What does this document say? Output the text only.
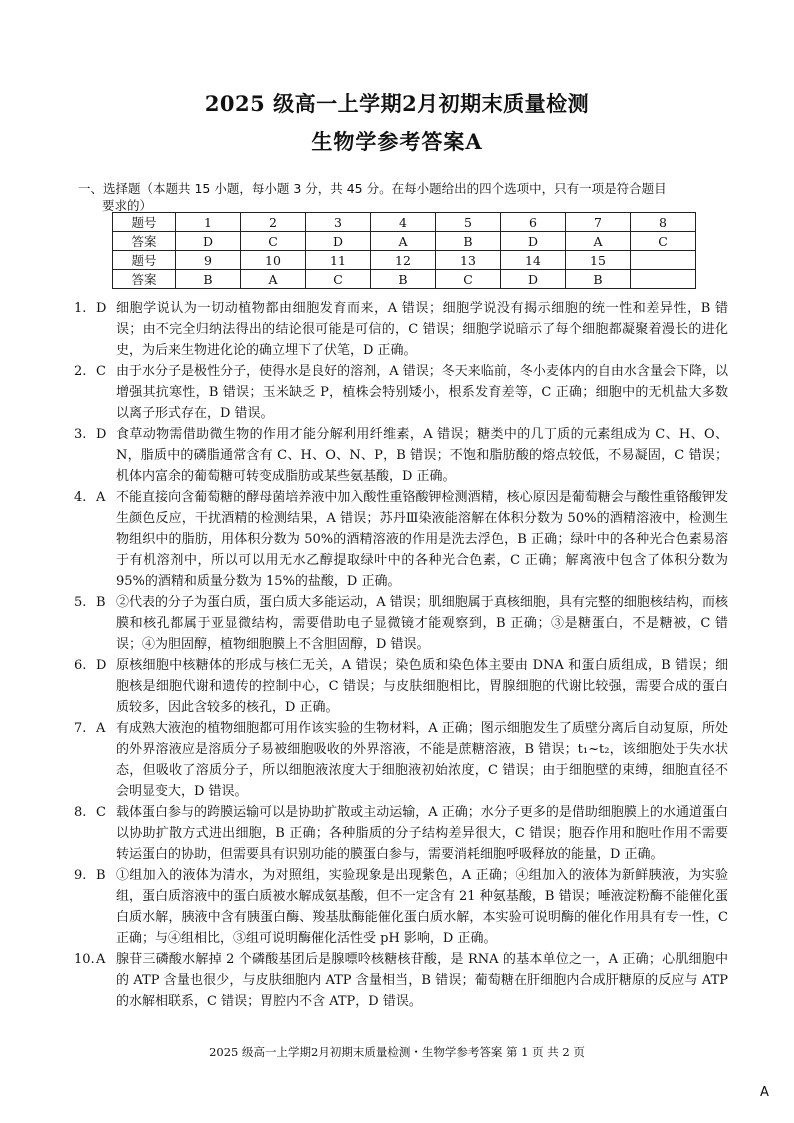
2025 级高一上学期2月初期末质量检测
生物学参考答案A
一、选择题（本题共 15 小题，每小题 3 分，共 45 分。在每小题给出的四个选项中，只有一项是符合题目
要求的）
题号	1	2	3	4	5	6	7	8
答案	D	C	D	A	B	D	A	C
题号	9	10	11	12	13	14	15	
答案	B	A	C	B	C	D	B	
1. D 细胞学说认为一切动植物都由细胞发育而来，A 错误；细胞学说没有揭示细胞的统一性和差异性，B 错误；由不完全归纳法得出的结论很可能是可信的，C 错误；细胞学说暗示了每个细胞都凝聚着漫长的进化史，为后来生物进化论的确立埋下了伏笔，D 正确。
2. C 由于水分子是极性分子，使得水是良好的溶剂，A 错误；冬天来临前，冬小麦体内的自由水含量会下降，以增强其抗寒性，B 错误；玉米缺乏 P，植株会特别矮小，根系发育差等，C 正确；细胞中的无机盐大多数以离子形式存在，D 错误。
3. D 食草动物需借助微生物的作用才能分解利用纤维素，A 错误；糖类中的几丁质的元素组成为 C、H、O、N，脂质中的磷脂通常含有 C、H、O、N、P，B 错误；不饱和脂肪酸的熔点较低，不易凝固，C 错误；机体内富余的葡萄糖可转变成脂肪或某些氨基酸，D 正确。
4. A 不能直接向含葡萄糖的酵母菌培养液中加入酸性重铬酸钾检测酒精，核心原因是葡萄糖会与酸性重铬酸钾发生颜色反应，干扰酒精的检测结果，A 错误；苏丹Ⅲ染液能溶解在体积分数为 50%的酒精溶液中，检测生物组织中的脂肪，用体积分数为 50%的酒精溶液的作用是洗去浮色，B 正确；绿叶中的各种光合色素易溶于有机溶剂中，所以可以用无水乙醇提取绿叶中的各种光合色素，C 正确；解离液中包含了体积分数为 95%的酒精和质量分数为 15%的盐酸，D 正确。
5. B ②代表的分子为蛋白质，蛋白质大多能运动，A 错误；肌细胞属于真核细胞，具有完整的细胞核结构，而核膜和核孔都属于亚显微结构，需要借助电子显微镜才能观察到，B 正确；③是糖蛋白，不是糖被，C 错误；④为胆固醇，植物细胞膜上不含胆固醇，D 错误。
6. D 原核细胞中核糖体的形成与核仁无关，A 错误；染色质和染色体主要由 DNA 和蛋白质组成，B 错误；细胞核是细胞代谢和遗传的控制中心，C 错误；与皮肤细胞相比，胃腺细胞的代谢比较强，需要合成的蛋白质较多，因此含较多的核孔，D 正确。
7. A 有成熟大液泡的植物细胞都可用作该实验的生物材料，A 正确；图示细胞发生了质壁分离后自动复原，所处的外界溶液应是溶质分子易被细胞吸收的外界溶液，不能是蔗糖溶液，B 错误；t₁~t₂，该细胞处于失水状态，但吸收了溶质分子，所以细胞液浓度大于细胞液初始浓度，C 错误；由于细胞壁的束缚，细胞直径不会明显变大，D 错误。
8. C 载体蛋白参与的跨膜运输可以是协助扩散或主动运输，A 正确；水分子更多的是借助细胞膜上的水通道蛋白以协助扩散方式进出细胞，B 正确；各种脂质的分子结构差异很大，C 错误；胞吞作用和胞吐作用不需要转运蛋白的协助，但需要具有识别功能的膜蛋白参与，需要消耗细胞呼吸释放的能量，D 正确。
9. B ①组加入的液体为清水，为对照组，实验现象是出现紫色，A 正确；④组加入的液体为新鲜胰液，为实验组，蛋白质溶液中的蛋白质被水解成氨基酸，但不一定含有 21 种氨基酸，B 错误；唾液淀粉酶不能催化蛋白质水解，胰液中含有胰蛋白酶、羧基肽酶能催化蛋白质水解，本实验可说明酶的催化作用具有专一性，C 正确；与④组相比，③组可说明酶催化活性受 pH 影响，D 正确。
10. A 腺苷三磷酸水解掉 2 个磷酸基团后是腺嘌呤核糖核苷酸，是 RNA 的基本单位之一，A 正确；心肌细胞中的 ATP 含量也很少，与皮肤细胞内 ATP 含量相当，B 错误；葡萄糖在肝细胞内合成肝糖原的反应与 ATP 的水解相联系，C 错误；胃腔内不含 ATP，D 错误。
2025 级高一上学期2月初期末质量检测・生物学参考答案 第 1 页 共 2 页
A
